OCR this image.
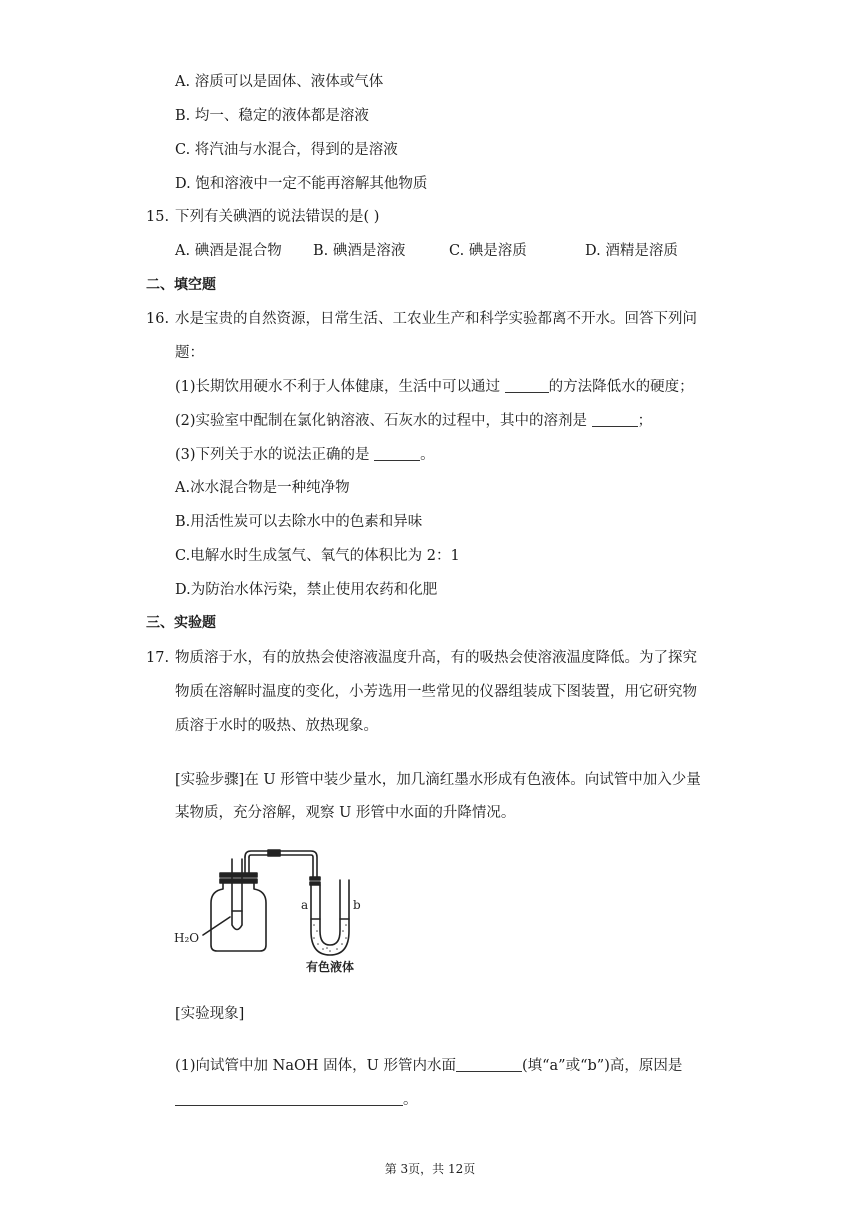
A. 溶质可以是固体、液体或气体
B. 均一、稳定的液体都是溶液
C. 将汽油与水混合，得到的是溶液
D. 饱和溶液中一定不能再溶解其他物质
15. 下列有关碘酒的说法错误的是( )
A. 碘酒是混合物 B. 碘酒是溶液	C. 碘是溶质	D. 酒精是溶质
二、填空题
16. 水是宝贵的自然资源，日常生活、工农业生产和科学实验都离不开水。回答下列问
题：
(1)长期饮用硬水不利于人体健康，生活中可以通过	的方法降低水的硬度；
(2)实验室中配制在氯化钠溶液、石灰水的过程中，其中的溶剂是	；
(3)下列关于水的说法正确的是	。
A.冰水混合物是一种纯净物
B.用活性炭可以去除水中的色素和异味
C.电解水时生成氢气、氧气的体积比为 2：1
D.为防治水体污染，禁止使用农药和化肥
三、实验题
17. 物质溶于水，有的放热会使溶液温度升高，有的吸热会使溶液温度降低。为了探究
物质在溶解时温度的变化，小芳选用一些常见的仪器组装成下图装置，用它研究物
质溶于水时的吸热、放热现象。
[实验步骤]在 U 形管中装少量水，加几滴红墨水形成有色液体。向试管中加入少量
某物质，充分溶解，观察 U 形管中水面的升降情况。
H₂O
a	b
有色液体
[实验现象]
(1)向试管中加 NaOH 固体，U 形管内水面	(填“a”或“b”)高，原因是
。
第 3页，共 12页
